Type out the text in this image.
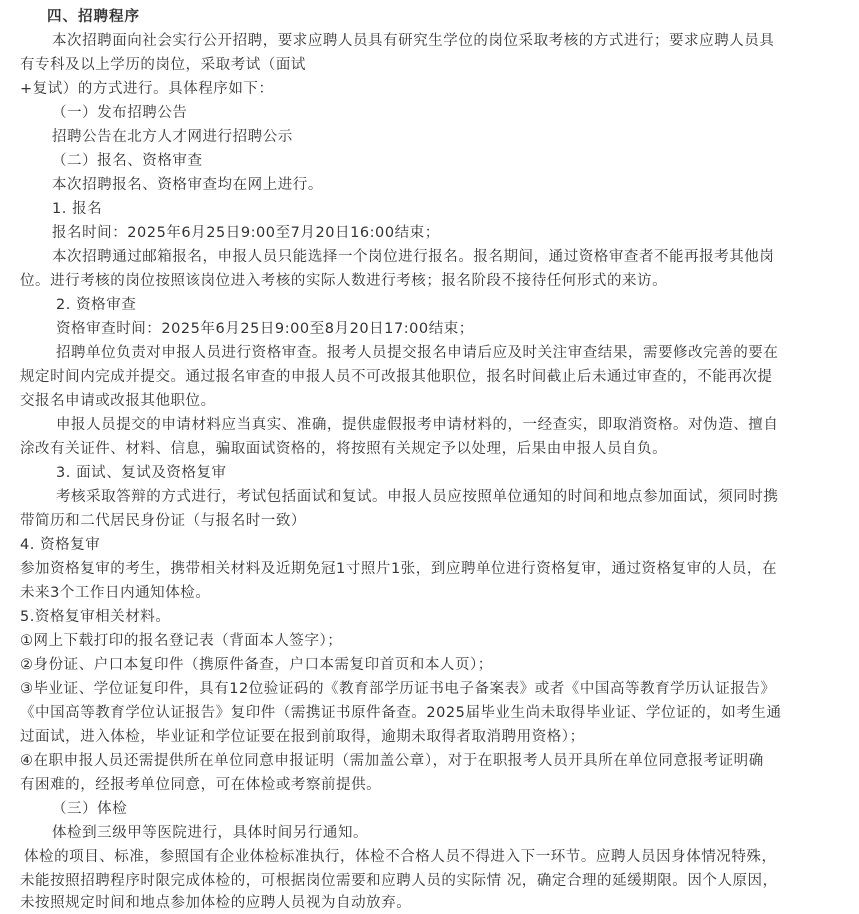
四、招聘程序
本次招聘面向社会实行公开招聘，要求应聘人员具有研究生学位的岗位采取考核的方式进行；要求应聘人员具
有专科及以上学历的岗位，采取考试（面试
+复试）的方式进行。具体程序如下：
（一）发布招聘公告
招聘公告在北方人才网进行招聘公示
（二）报名、资格审查
本次招聘报名、资格审查均在网上进行。
1. 报名
报名时间：2025年6月25日9:00至7月20日16:00结束；
本次招聘通过邮箱报名，申报人员只能选择一个岗位进行报名。报名期间，通过资格审查者不能再报考其他岗
位。进行考核的岗位按照该岗位进入考核的实际人数进行考核；报名阶段不接待任何形式的来访。
2. 资格审查
资格审查时间：2025年6月25日9:00至8月20日17:00结束；
招聘单位负责对申报人员进行资格审查。报考人员提交报名申请后应及时关注审查结果，需要修改完善的要在
规定时间内完成并提交。通过报名审查的申报人员不可改报其他职位，报名时间截止后未通过审查的，不能再次提
交报名申请或改报其他职位。
申报人员提交的申请材料应当真实、准确，提供虚假报考申请材料的，一经查实，即取消资格。对伪造、擅自
涂改有关证件、材料、信息，骗取面试资格的，将按照有关规定予以处理，后果由申报人员自负。
3. 面试、复试及资格复审
考核采取答辩的方式进行，考试包括面试和复试。申报人员应按照单位通知的时间和地点参加面试，须同时携
带简历和二代居民身份证（与报名时一致）
4. 资格复审
参加资格复审的考生，携带相关材料及近期免冠1寸照片1张，到应聘单位进行资格复审，通过资格复审的人员，在
未来3个工作日内通知体检。
5.资格复审相关材料。
①网上下载打印的报名登记表（背面本人签字）；
②身份证、户口本复印件（携原件备查，户口本需复印首页和本人页）；
③毕业证、学位证复印件，具有12位验证码的《教育部学历证书电子备案表》或者《中国高等教育学历认证报告》
《中国高等教育学位认证报告》复印件（需携证书原件备查。2025届毕业生尚未取得毕业证、学位证的，如考生通
过面试，进入体检，毕业证和学位证要在报到前取得，逾期未取得者取消聘用资格）；
④在职申报人员还需提供所在单位同意申报证明（需加盖公章），对于在职报考人员开具所在单位同意报考证明确
有困难的，经报考单位同意，可在体检或考察前提供。
（三）体检
体检到三级甲等医院进行，具体时间另行通知。
体检的项目、标准，参照国有企业体检标准执行，体检不合格人员不得进入下一环节。应聘人员因身体情况特殊，
未能按照招聘程序时限完成体检的，可根据岗位需要和应聘人员的实际情 况，确定合理的延缓期限。因个人原因，
未按照规定时间和地点参加体检的应聘人员视为自动放弃。
